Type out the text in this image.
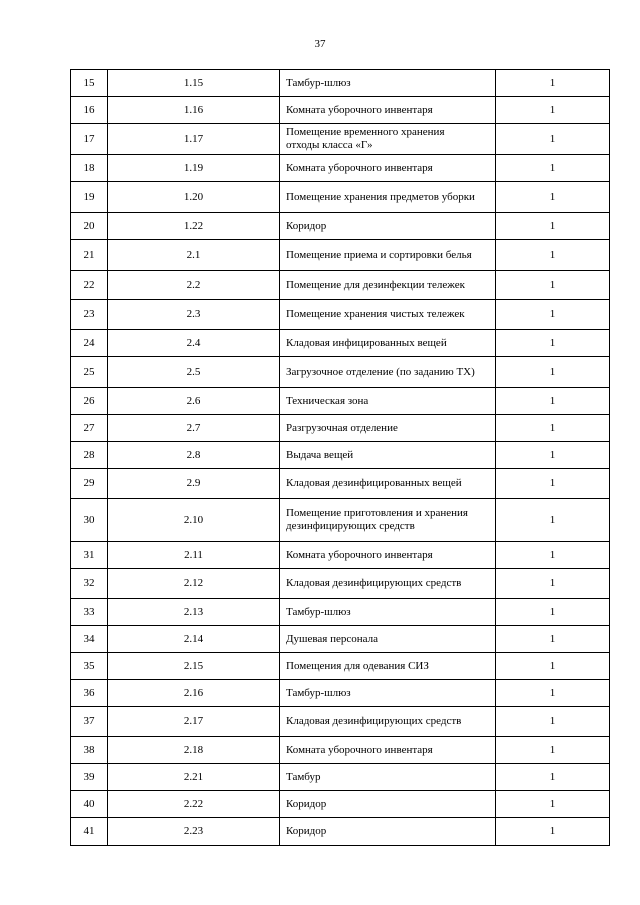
37
15	1.15	Тамбур-шлюз	1
16	1.16	Комната уборочного инвентаря	1
17	1.17	Помещение временного хранения отходы класса «Г»	1
18	1.19	Комната уборочного инвентаря	1
19	1.20	Помещение хранения предметов уборки	1
20	1.22	Коридор	1
21	2.1	Помещение приема и сортировки белья	1
22	2.2	Помещение для дезинфекции тележек	1
23	2.3	Помещение хранения чистых тележек	1
24	2.4	Кладовая инфицированных вещей	1
25	2.5	Загрузочное отделение (по заданию ТХ)	1
26	2.6	Техническая зона	1
27	2.7	Разгрузочная отделение	1
28	2.8	Выдача вещей	1
29	2.9	Кладовая дезинфицированных вещей	1
30	2.10	Помещение приготовления и хранения дезинфицирующих средств	1
31	2.11	Комната уборочного инвентаря	1
32	2.12	Кладовая дезинфицирующих средств	1
33	2.13	Тамбур-шлюз	1
34	2.14	Душевая персонала	1
35	2.15	Помещения для одевания СИЗ	1
36	2.16	Тамбур-шлюз	1
37	2.17	Кладовая дезинфицирующих средств	1
38	2.18	Комната уборочного инвентаря	1
39	2.21	Тамбур	1
40	2.22	Коридор	1
41	2.23	Коридор	1
